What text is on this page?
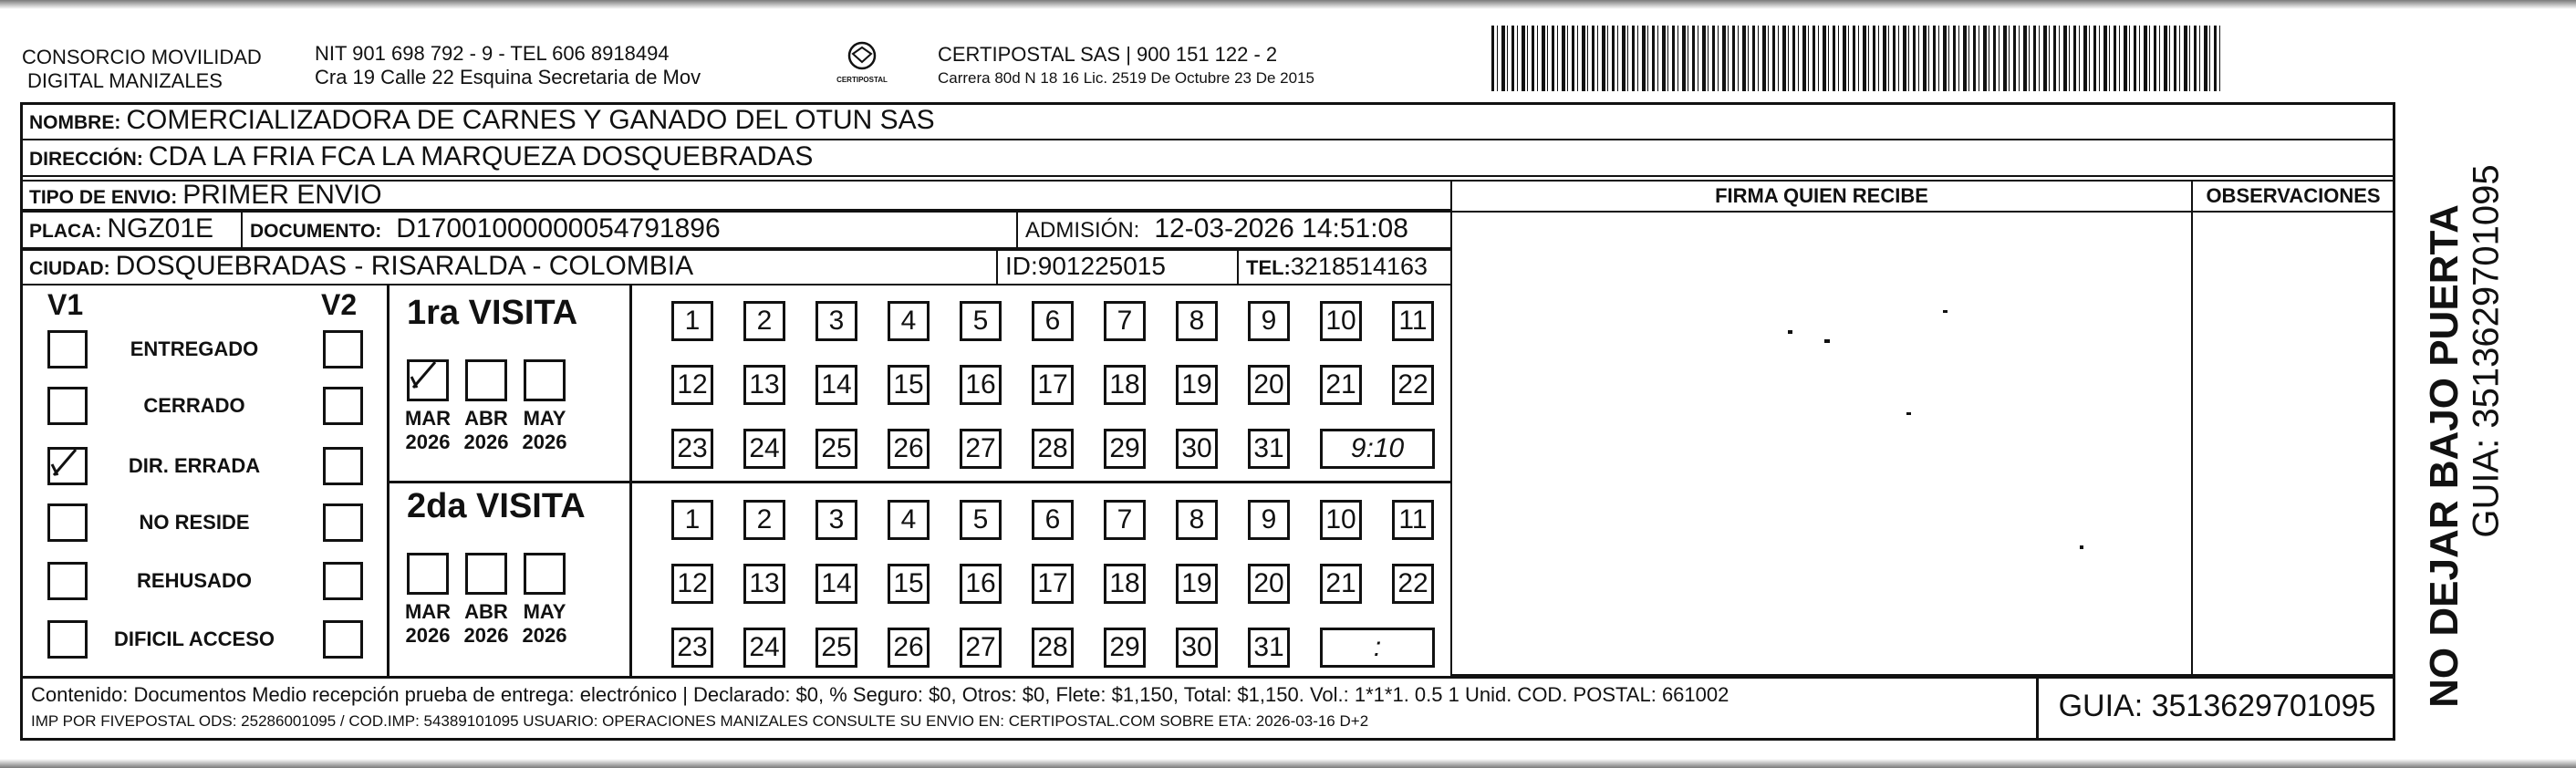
CONSORCIO MOVILIDAD
DIGITAL MANIZALES
NIT 901 698 792 - 9 - TEL 606 8918494
Cra 19 Calle 22 Esquina Secretaria de Mov	CERTIPOSTAL
CERTIPOSTAL SAS | 900 151 122 - 2
Carrera 80d N 18 16 Lic. 2519 De Octubre 23 De 2015
NOMBRE: COMERCIALIZADORA DE CARNES Y GANADO DEL OTUN SAS
DIRECCIÓN: CDA LA FRIA FCA LA MARQUEZA DOSQUEBRADAS
TIPO DE ENVIO: PRIMER ENVIO
PLACA: NGZ01E	DOCUMENTO: D17001000000054791896	ADMISIÓN: 12-03-2026 14:51:08
CIUDAD: DOSQUEBRADAS - RISARALDA - COLOMBIA	ID:901225015	TEL:3218514163
FIRMA QUIEN RECIBE	OBSERVACIONES
V1	V2
ENTREGADO
CERRADO
DIR. ERRADA
NO RESIDE
REHUSADO
DIFICIL ACCESO
1ra VISITA
2da VISITA
MAR
2026
ABR
2026
MAY
2026
MAR
2026
ABR
2026
MAY
2026
1	2	3	4	5	6	7	8	9	10 11
12 13 14 15 16 17 18 19 20 21 22
23 24 25 26 27 28 29 30 31	9:10
1	2	3	4	5	6	7	8	9	10 11
12 13 14 15 16 17 18 19 20 21 22
23 24 25 26 27 28 29 30 31	:
Contenido: Documentos Medio recepción prueba de entrega: electrónico | Declarado: $0, % Seguro: $0, Otros: $0, Flete: $1,150, Total: $1,150. Vol.: 1*1*1. 0.5 1 Unid. COD. POSTAL: 661002
IMP POR FIVEPOSTAL ODS: 25286001095 / COD.IMP: 54389101095 USUARIO: OPERACIONES MANIZALES CONSULTE SU ENVIO EN: CERTIPOSTAL.COM SOBRE ETA: 2026-03-16 D+2	GUIA: 3513629701095	NO DEJAR BAJO PUERTA GUIA: 3513629701095
